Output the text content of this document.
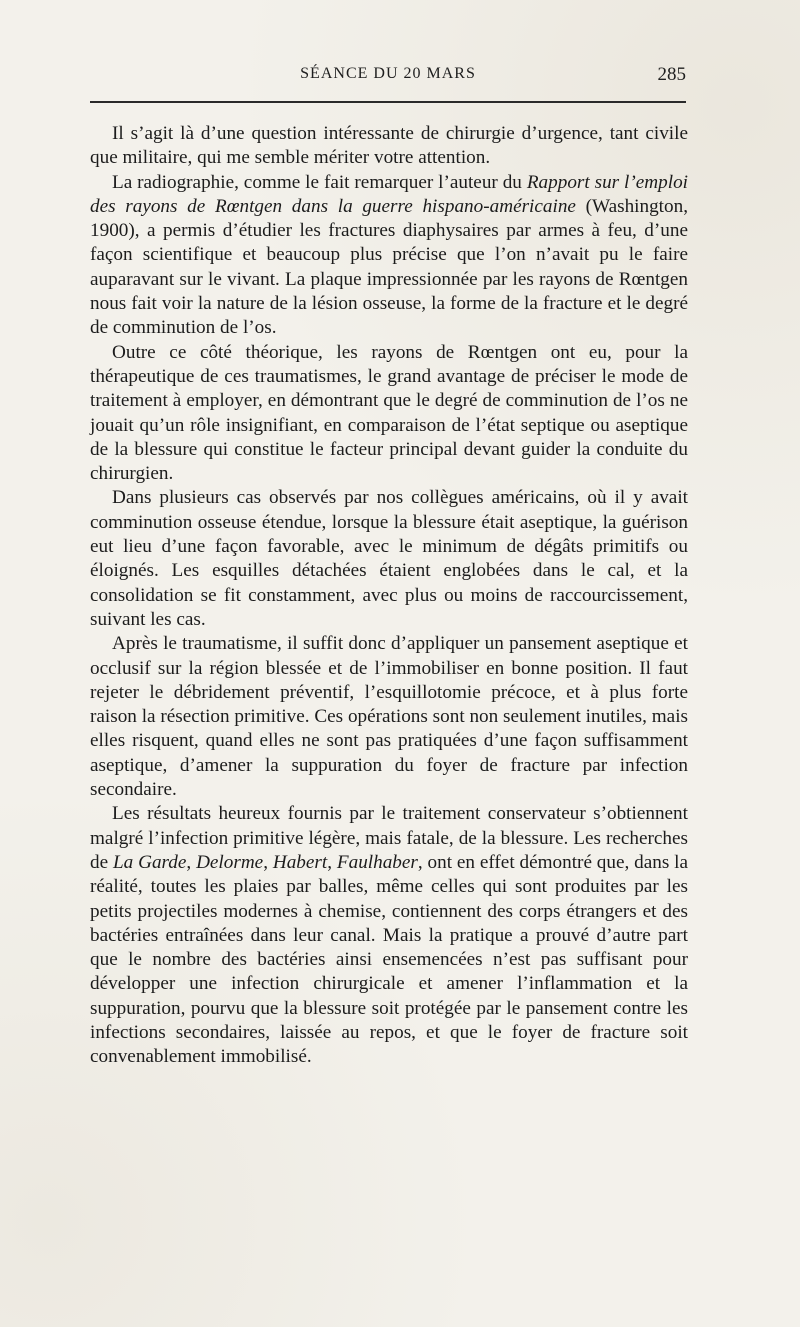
SÉANCE DU 20 MARS	285

Il s’agit là d’une question intéressante de chirurgie d’urgence, tant civile que militaire, qui me semble mériter votre attention.

La radiographie, comme le fait remarquer l’auteur du Rapport sur l’emploi des rayons de Rœntgen dans la guerre hispano-américaine (Washington, 1900), a permis d’étudier les fractures diaphysaires par armes à feu, d’une façon scientifique et beaucoup plus précise que l’on n’avait pu le faire auparavant sur le vivant. La plaque impressionnée par les rayons de Rœntgen nous fait voir la nature de la lésion osseuse, la forme de la fracture et le degré de comminution de l’os.

Outre ce côté théorique, les rayons de Rœntgen ont eu, pour la thérapeutique de ces traumatismes, le grand avantage de préciser le mode de traitement à employer, en démontrant que le degré de comminution de l’os ne jouait qu’un rôle insignifiant, en comparaison de l’état septique ou aseptique de la blessure qui constitue le facteur principal devant guider la conduite du chirurgien.

Dans plusieurs cas observés par nos collègues américains, où il y avait comminution osseuse étendue, lorsque la blessure était aseptique, la guérison eut lieu d’une façon favorable, avec le minimum de dégâts primitifs ou éloignés. Les esquilles détachées étaient englobées dans le cal, et la consolidation se fit constamment, avec plus ou moins de raccourcissement, suivant les cas.

Après le traumatisme, il suffit donc d’appliquer un pansement aseptique et occlusif sur la région blessée et de l’immobiliser en bonne position. Il faut rejeter le débridement préventif, l’esquillotomie précoce, et à plus forte raison la résection primitive. Ces opérations sont non seulement inutiles, mais elles risquent, quand elles ne sont pas pratiquées d’une façon suffisamment aseptique, d’amener la suppuration du foyer de fracture par infection secondaire.

Les résultats heureux fournis par le traitement conservateur s’obtiennent malgré l’infection primitive légère, mais fatale, de la blessure. Les recherches de La Garde, Delorme, Habert, Faulhaber, ont en effet démontré que, dans la réalité, toutes les plaies par balles, même celles qui sont produites par les petits projectiles modernes à chemise, contiennent des corps étrangers et des bactéries entraînées dans leur canal. Mais la pratique a prouvé d’autre part que le nombre des bactéries ainsi ensemencées n’est pas suffisant pour développer une infection chirurgicale et amener l’inflammation et la suppuration, pourvu que la blessure soit protégée par le pansement contre les infections secondaires, laissée au repos, et que le foyer de fracture soit convenablement immobilisé.
